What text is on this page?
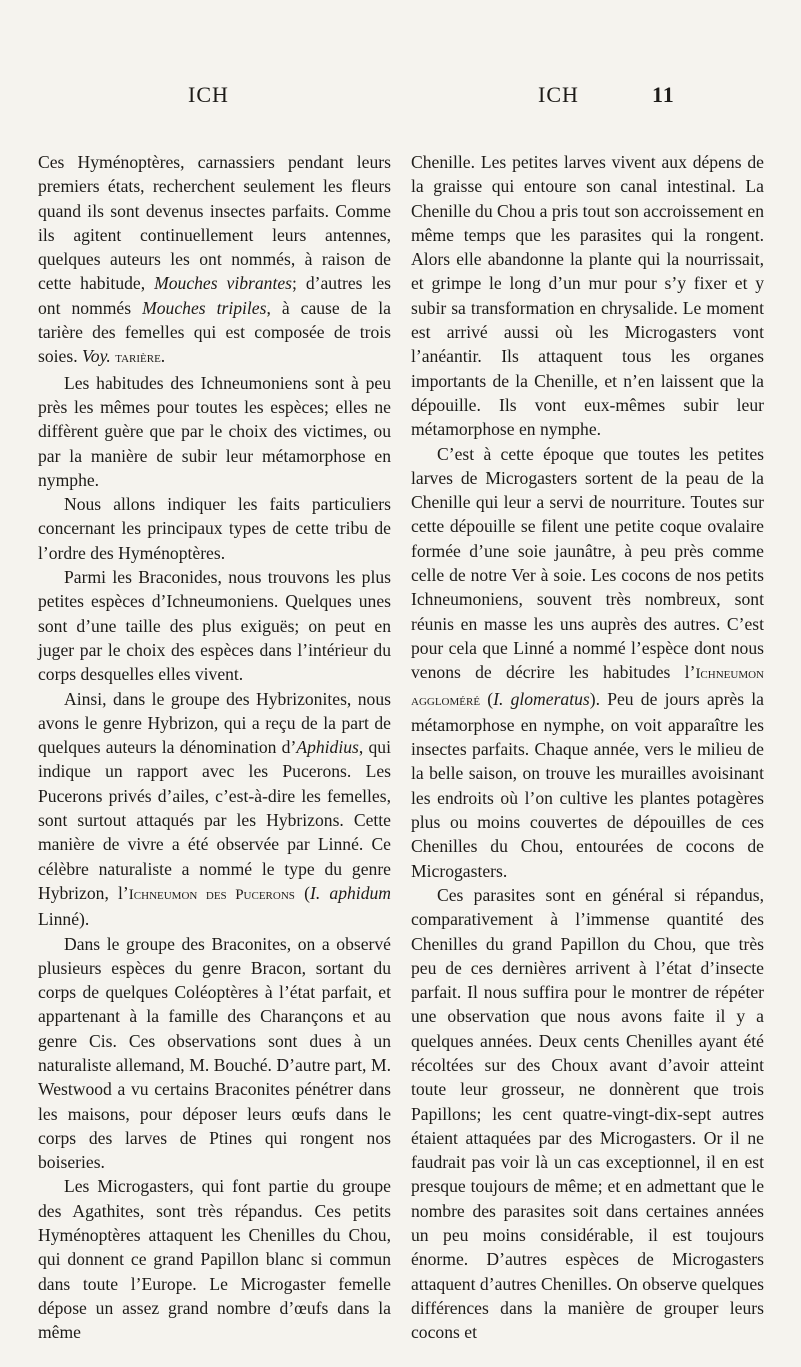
ICH	ICH	11

Ces Hyménoptères, carnassiers pendant leurs premiers états, recherchent seulement les fleurs quand ils sont devenus insectes parfaits. Comme ils agitent continuellement leurs antennes, quelques auteurs les ont nommés, à raison de cette habitude, Mouches vibrantes; d’autres les ont nommés Mouches tripiles, à cause de la tarière des femelles qui est composée de trois soies. Voy. tarière.

Les habitudes des Ichneumoniens sont à peu près les mêmes pour toutes les espèces; elles ne diffèrent guère que par le choix des victimes, ou par la manière de subir leur métamorphose en nymphe.

Nous allons indiquer les faits particuliers concernant les principaux types de cette tribu de l’ordre des Hyménoptères.

Parmi les Braconides, nous trouvons les plus petites espèces d’Ichneumoniens. Quelques unes sont d’une taille des plus exiguës; on peut en juger par le choix des espèces dans l’intérieur du corps desquelles elles vivent.

Ainsi, dans le groupe des Hybrizonites, nous avons le genre Hybrizon, qui a reçu de la part de quelques auteurs la dénomination d’Aphidius, qui indique un rapport avec les Pucerons. Les Pucerons privés d’ailes, c’est-à-dire les femelles, sont surtout attaqués par les Hybrizons. Cette manière de vivre a été observée par Linné. Ce célèbre naturaliste a nommé le type du genre Hybrizon, l’Ichneumon des Pucerons (I. aphidum Linné).

Dans le groupe des Braconites, on a observé plusieurs espèces du genre Bracon, sortant du corps de quelques Coléoptères à l’état parfait, et appartenant à la famille des Charançons et au genre Cis. Ces observations sont dues à un naturaliste allemand, M. Bouché. D’autre part, M. Westwood a vu certains Braconites pénétrer dans les maisons, pour déposer leurs œufs dans le corps des larves de Ptines qui rongent nos boiseries.

Les Microgasters, qui font partie du groupe des Agathites, sont très répandus. Ces petits Hyménoptères attaquent les Chenilles du Chou, qui donnent ce grand Papillon blanc si commun dans toute l’Europe. Le Microgaster femelle dépose un assez grand nombre d’œufs dans la même

Chenille. Les petites larves vivent aux dépens de la graisse qui entoure son canal intestinal. La Chenille du Chou a pris tout son accroissement en même temps que les parasites qui la rongent. Alors elle abandonne la plante qui la nourrissait, et grimpe le long d’un mur pour s’y fixer et y subir sa transformation en chrysalide. Le moment est arrivé aussi où les Microgasters vont l’anéantir. Ils attaquent tous les organes importants de la Chenille, et n’en laissent que la dépouille. Ils vont eux-mêmes subir leur métamorphose en nymphe.

C’est à cette époque que toutes les petites larves de Microgasters sortent de la peau de la Chenille qui leur a servi de nourriture. Toutes sur cette dépouille se filent une petite coque ovalaire formée d’une soie jaunâtre, à peu près comme celle de notre Ver à soie. Les cocons de nos petits Ichneumoniens, souvent très nombreux, sont réunis en masse les uns auprès des autres. C’est pour cela que Linné a nommé l’espèce dont nous venons de décrire les habitudes l’Ichneumon aggloméré (I. glomeratus). Peu de jours après la métamorphose en nymphe, on voit apparaître les insectes parfaits. Chaque année, vers le milieu de la belle saison, on trouve les murailles avoisinant les endroits où l’on cultive les plantes potagères plus ou moins couvertes de dépouilles de ces Chenilles du Chou, entourées de cocons de Microgasters.

Ces parasites sont en général si répandus, comparativement à l’immense quantité des Chenilles du grand Papillon du Chou, que très peu de ces dernières arrivent à l’état d’insecte parfait. Il nous suffira pour le montrer de répéter une observation que nous avons faite il y a quelques années. Deux cents Chenilles ayant été récoltées sur des Choux avant d’avoir atteint toute leur grosseur, ne donnèrent que trois Papillons; les cent quatre-vingt-dix-sept autres étaient attaquées par des Microgasters. Or il ne faudrait pas voir là un cas exceptionnel, il en est presque toujours de même; et en admettant que le nombre des parasites soit dans certaines années un peu moins considérable, il est toujours énorme. D’autres espèces de Microgasters attaquent d’autres Chenilles. On observe quelques différences dans la manière de grouper leurs cocons et
